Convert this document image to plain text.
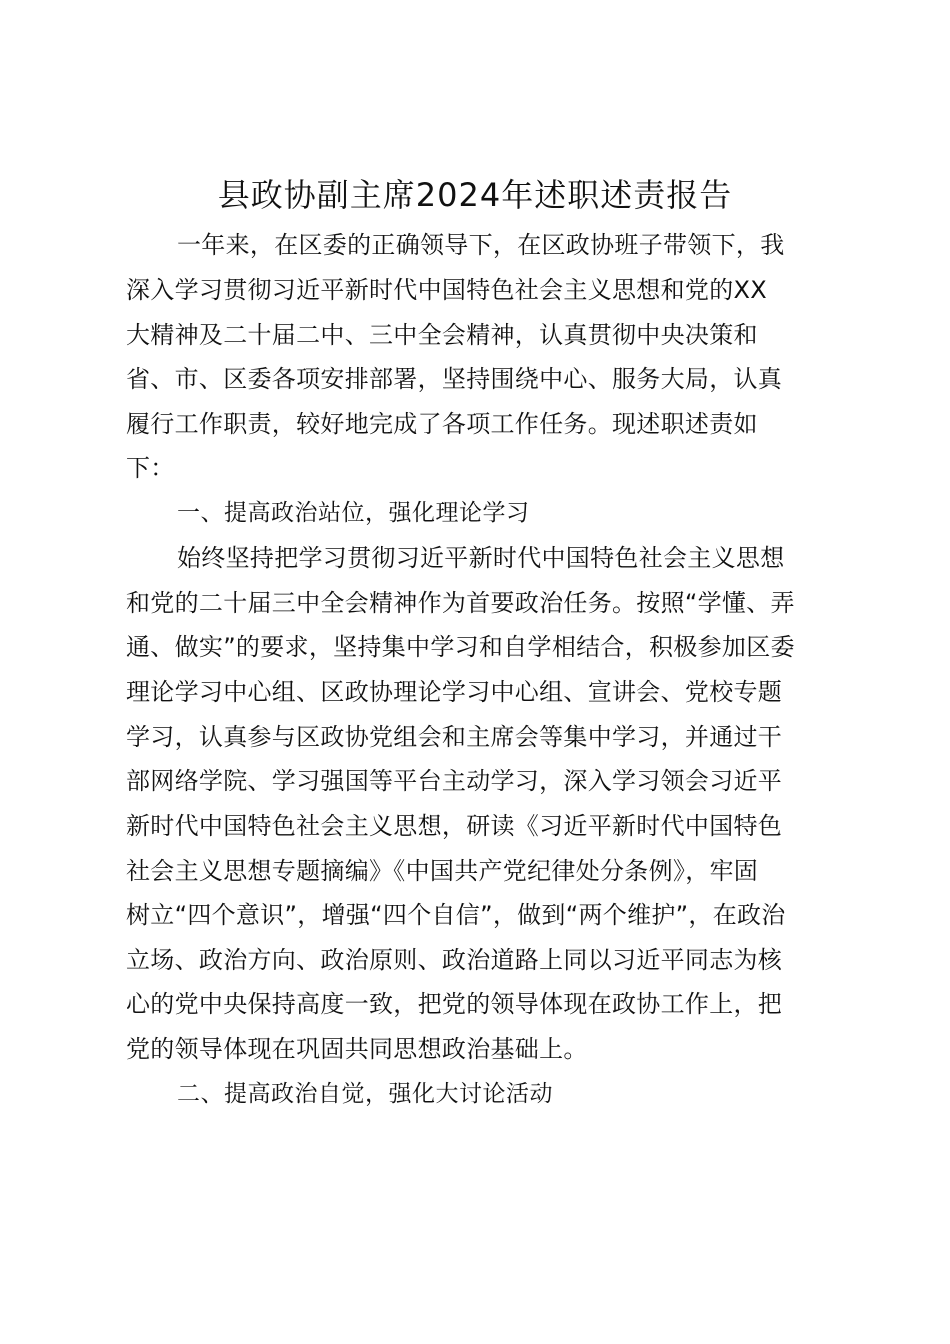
县政协副主席2024年述职述责报告
一年来，在区委的正确领导下，在区政协班子带领下，我
深入学习贯彻习近平新时代中国特色社会主义思想和党的XX
大精神及二十届二中、三中全会精神，认真贯彻中央决策和
省、市、区委各项安排部署，坚持围绕中心、服务大局，认真
履行工作职责，较好地完成了各项工作任务。现述职述责如
下：
一、提高政治站位，强化理论学习
始终坚持把学习贯彻习近平新时代中国特色社会主义思想
和党的二十届三中全会精神作为首要政治任务。按照“学懂、弄
通、做实”的要求，坚持集中学习和自学相结合，积极参加区委
理论学习中心组、区政协理论学习中心组、宣讲会、党校专题
学习，认真参与区政协党组会和主席会等集中学习，并通过干
部网络学院、学习强国等平台主动学习，深入学习领会习近平
新时代中国特色社会主义思想，研读《习近平新时代中国特色
社会主义思想专题摘编》《中国共产党纪律处分条例》，牢固
树立“四个意识”，增强“四个自信”，做到“两个维护”，在政治
立场、政治方向、政治原则、政治道路上同以习近平同志为核
心的党中央保持高度一致，把党的领导体现在政协工作上，把
党的领导体现在巩固共同思想政治基础上。
二、提高政治自觉，强化大讨论活动
